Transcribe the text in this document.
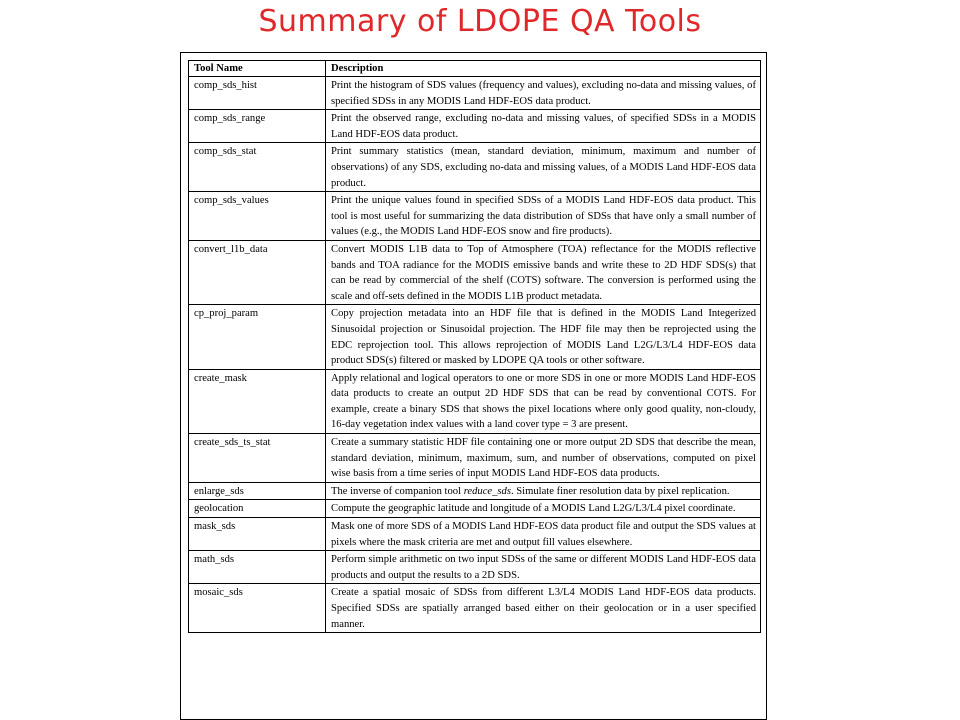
Summary of LDOPE QA Tools
Tool Name	Description
comp_sds_hist	Print the histogram of SDS values (frequency and values), excluding no-data and missing values, of specified SDSs in any MODIS Land HDF-EOS data product.
comp_sds_range	Print the observed range, excluding no-data and missing values, of specified SDSs in a MODIS Land HDF-EOS data product.
comp_sds_stat	Print summary statistics (mean, standard deviation, minimum, maximum and number of observations) of any SDS, excluding no-data and missing values, of a MODIS Land HDF-EOS data product.
comp_sds_values	Print the unique values found in specified SDSs of a MODIS Land HDF-EOS data product. This tool is most useful for summarizing the data distribution of SDSs that have only a small number of values (e.g., the MODIS Land HDF-EOS snow and fire products).
convert_l1b_data	Convert MODIS L1B data to Top of Atmosphere (TOA) reflectance for the MODIS reflective bands and TOA radiance for the MODIS emissive bands and write these to 2D HDF SDS(s) that can be read by commercial of the shelf (COTS) software. The conversion is performed using the scale and off-sets defined in the MODIS L1B product metadata.
cp_proj_param	Copy projection metadata into an HDF file that is defined in the MODIS Land Integerized Sinusoidal projection or Sinusoidal projection. The HDF file may then be reprojected using the EDC reprojection tool. This allows reprojection of MODIS Land L2G/L3/L4 HDF-EOS data product SDS(s) filtered or masked by LDOPE QA tools or other software.
create_mask	Apply relational and logical operators to one or more SDS in one or more MODIS Land HDF-EOS data products to create an output 2D HDF SDS that can be read by conventional COTS. For example, create a binary SDS that shows the pixel locations where only good quality, non-cloudy, 16-day vegetation index values with a land cover type = 3 are present.
create_sds_ts_stat	Create a summary statistic HDF file containing one or more output 2D SDS that describe the mean, standard deviation, minimum, maximum, sum, and number of observations, computed on pixel wise basis from a time series of input MODIS Land HDF-EOS data products.
enlarge_sds	The inverse of companion tool reduce_sds. Simulate finer resolution data by pixel replication.
geolocation	Compute the geographic latitude and longitude of a MODIS Land L2G/L3/L4 pixel coordinate.
mask_sds	Mask one of more SDS of a MODIS Land HDF-EOS data product file and output the SDS values at pixels where the mask criteria are met and output fill values elsewhere.
math_sds	Perform simple arithmetic on two input SDSs of the same or different MODIS Land HDF-EOS data products and output the results to a 2D SDS.
mosaic_sds	Create a spatial mosaic of SDSs from different L3/L4 MODIS Land HDF-EOS data products. Specified SDSs are spatially arranged based either on their geolocation or in a user specified manner.
